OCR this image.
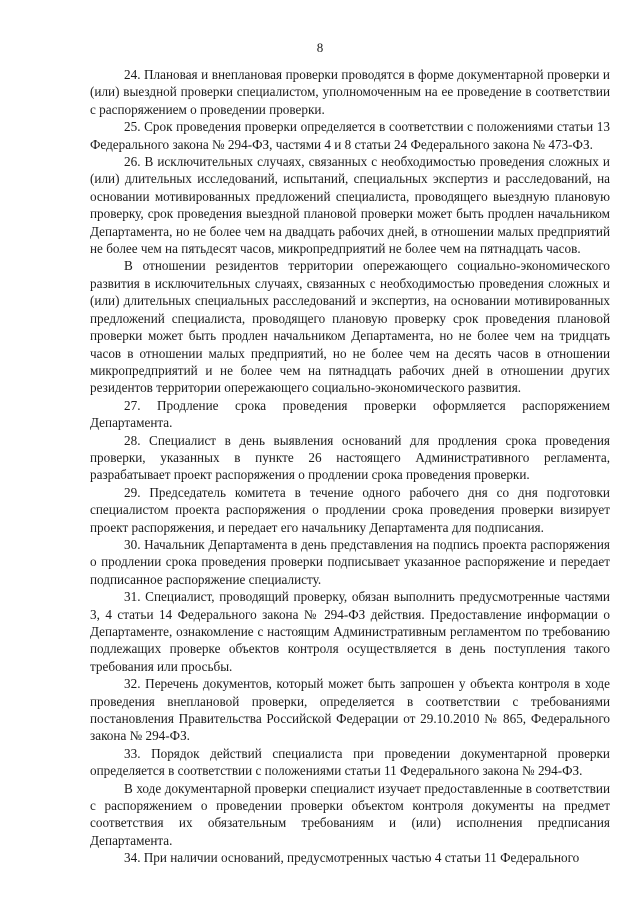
8

24. Плановая и внеплановая проверки проводятся в форме документарной проверки и (или) выездной проверки специалистом, уполномоченным на ее проведение в соответствии с распоряжением о проведении проверки.

25. Срок проведения проверки определяется в соответствии с положениями статьи 13 Федерального закона № 294-ФЗ, частями 4 и 8 статьи 24 Федерального закона № 473-ФЗ.

26. В исключительных случаях, связанных с необходимостью проведения сложных и (или) длительных исследований, испытаний, специальных экспертиз и расследований, на основании мотивированных предложений специалиста, проводящего выездную плановую проверку, срок проведения выездной плановой проверки может быть продлен начальником Департамента, но не более чем на двадцать рабочих дней, в отношении малых предприятий не более чем на пятьдесят часов, микропредприятий не более чем на пятнадцать часов.

В отношении резидентов территории опережающего социально-экономического развития в исключительных случаях, связанных с необходимостью проведения сложных и (или) длительных специальных расследований и экспертиз, на основании мотивированных предложений специалиста, проводящего плановую проверку срок проведения плановой проверки может быть продлен начальником Департамента, но не более чем на тридцать часов в отношении малых предприятий, но не более чем на десять часов в отношении микропредприятий и не более чем на пятнадцать рабочих дней в отношении других резидентов территории опережающего социально-экономического развития.

27. Продление срока проведения проверки оформляется распоряжением Департамента.

28. Специалист в день выявления оснований для продления срока проведения проверки, указанных в пункте 26 настоящего Административного регламента, разрабатывает проект распоряжения о продлении срока проведения проверки.

29. Председатель комитета в течение одного рабочего дня со дня подготовки специалистом проекта распоряжения о продлении срока проведения проверки визирует проект распоряжения, и передает его начальнику Департамента для подписания.

30. Начальник Департамента в день представления на подпись проекта распоряжения о продлении срока проведения проверки подписывает указанное распоряжение и передает подписанное распоряжение специалисту.

31. Специалист, проводящий проверку, обязан выполнить предусмотренные частями 3, 4 статьи 14 Федерального закона № 294-ФЗ действия. Предоставление информации о Департаменте, ознакомление с настоящим Административным регламентом по требованию подлежащих проверке объектов контроля осуществляется в день поступления такого требования или просьбы.

32. Перечень документов, который может быть запрошен у объекта контроля в ходе проведения внеплановой проверки, определяется в соответствии с требованиями постановления Правительства Российской Федерации от 29.10.2010 № 865, Федерального закона № 294-ФЗ.

33. Порядок действий специалиста при проведении документарной проверки определяется в соответствии с положениями статьи 11 Федерального закона № 294-ФЗ.

В ходе документарной проверки специалист изучает предоставленные в соответствии с распоряжением о проведении проверки объектом контроля документы на предмет соответствия их обязательным требованиям и (или) исполнения предписания Департамента.

34. При наличии оснований, предусмотренных частью 4 статьи 11 Федерального
